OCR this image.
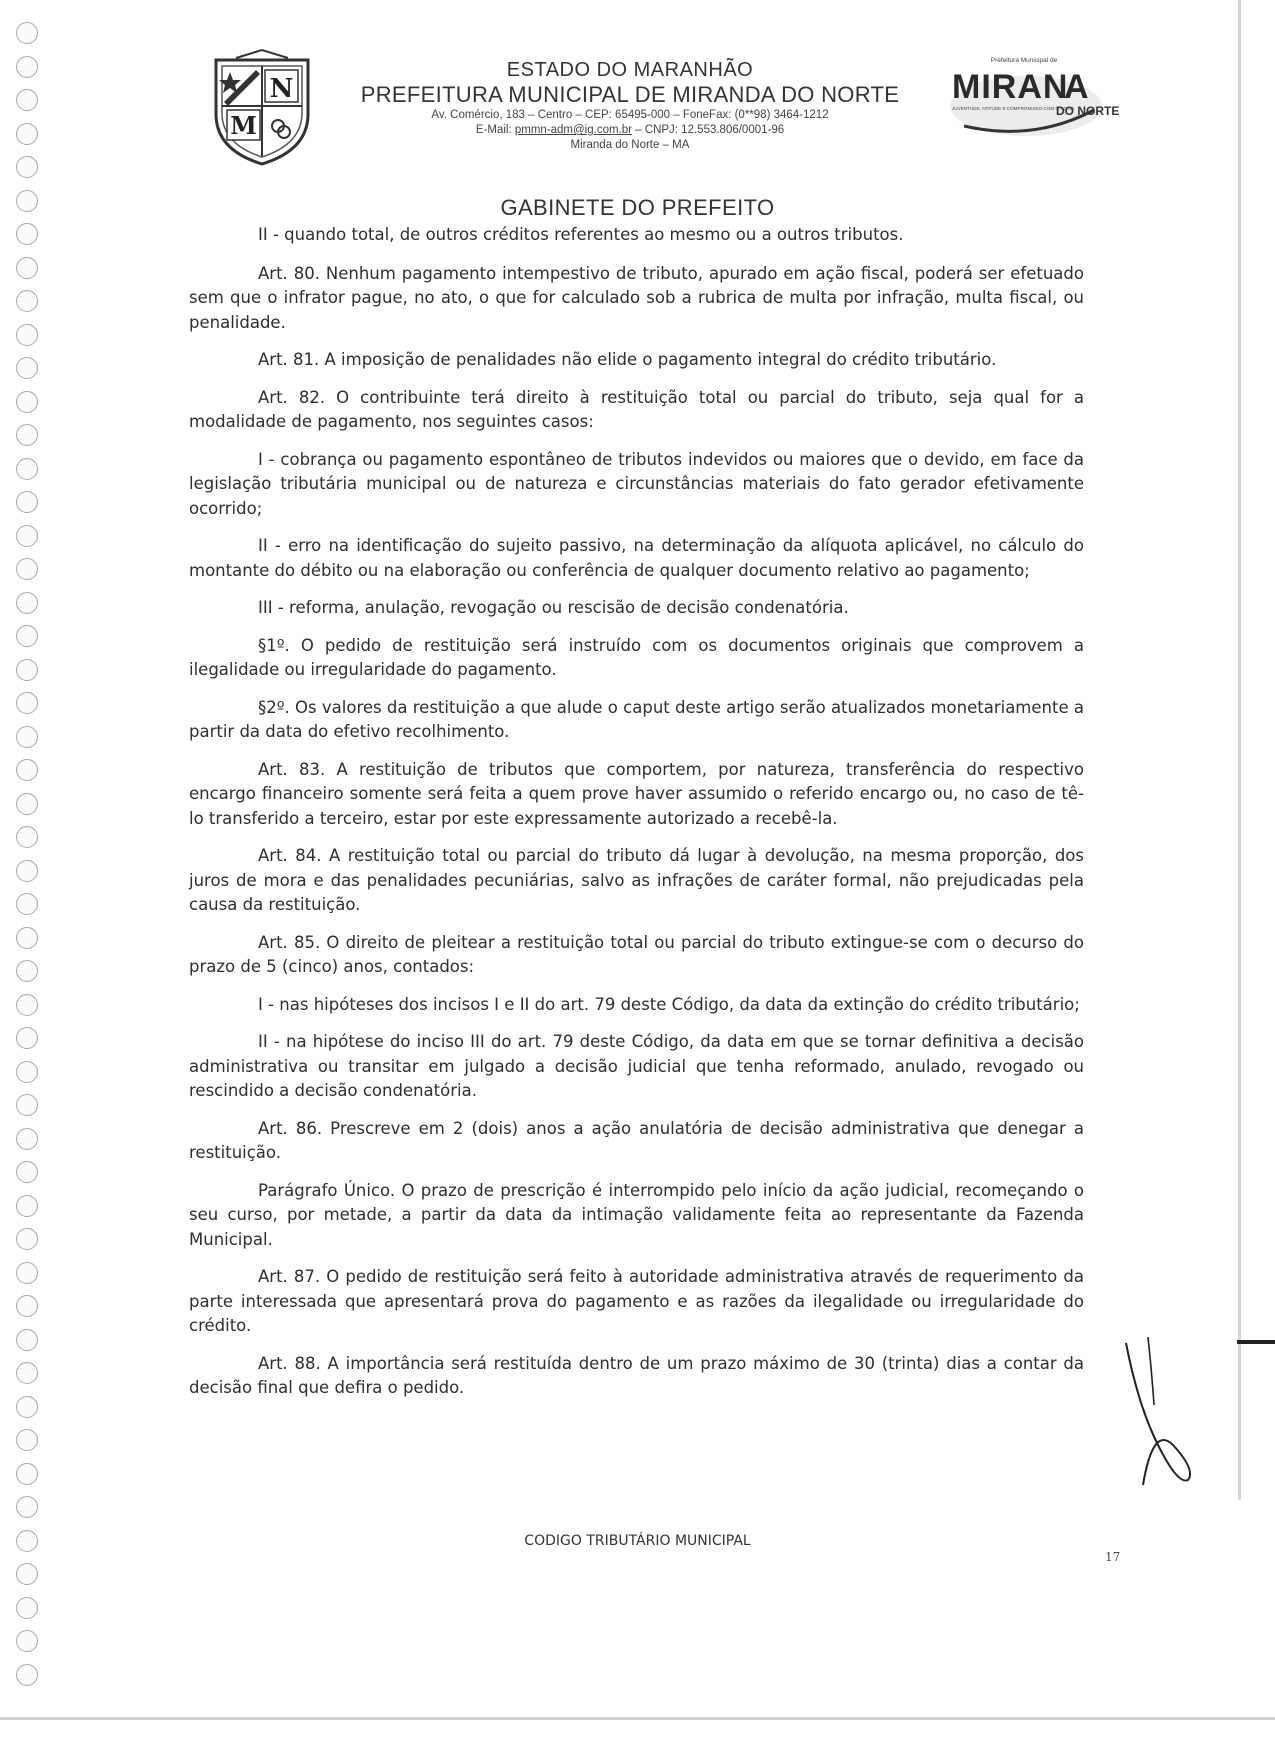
N
M
ESTADO DO MARANHÃO
PREFEITURA MUNICIPAL DE MIRANDA DO NORTE
Av. Comércio, 183 – Centro – CEP: 65495-000 – FoneFax: (0**98) 3464-1212
E-Mail: pmmn-adm@ig.com.br – CNPJ: 12.553.806/0001-96
Miranda do Norte – MA
Prefeitura Municipal de
MIRAN
A
DO NORTE
JUVENTUDE, ATITUDE E COMPROMISSO COM O POVO.
GABINETE DO PREFEITO

II - quando total, de outros créditos referentes ao mesmo ou a outros tributos.

Art. 80. Nenhum pagamento intempestivo de tributo, apurado em ação fiscal, poderá ser efetuado sem que o infrator pague, no ato, o que for calculado sob a rubrica de multa por infração, multa fiscal, ou penalidade.

Art. 81. A imposição de penalidades não elide o pagamento integral do crédito tributário.

Art. 82. O contribuinte terá direito à restituição total ou parcial do tributo, seja qual for a modalidade de pagamento, nos seguintes casos:

I - cobrança ou pagamento espontâneo de tributos indevidos ou maiores que o devido, em face da legislação tributária municipal ou de natureza e circunstâncias materiais do fato gerador efetivamente ocorrido;

II - erro na identificação do sujeito passivo, na determinação da alíquota aplicável, no cálculo do montante do débito ou na elaboração ou conferência de qualquer documento relativo ao pagamento;

III - reforma, anulação, revogação ou rescisão de decisão condenatória.

§1º. O pedido de restituição será instruído com os documentos originais que comprovem a ilegalidade ou irregularidade do pagamento.

§2º. Os valores da restituição a que alude o caput deste artigo serão atualizados monetariamente a partir da data do efetivo recolhimento.

Art. 83. A restituição de tributos que comportem, por natureza, transferência do respectivo encargo financeiro somente será feita a quem prove haver assumido o referido encargo ou, no caso de tê-lo transferido a terceiro, estar por este expressamente autorizado a recebê-la.

Art. 84. A restituição total ou parcial do tributo dá lugar à devolução, na mesma proporção, dos juros de mora e das penalidades pecuniárias, salvo as infrações de caráter formal, não prejudicadas pela causa da restituição.

Art. 85. O direito de pleitear a restituição total ou parcial do tributo extingue-se com o decurso do prazo de 5 (cinco) anos, contados:

I - nas hipóteses dos incisos I e II do art. 79 deste Código, da data da extinção do crédito tributário;

II - na hipótese do inciso III do art. 79 deste Código, da data em que se tornar definitiva a decisão administrativa ou transitar em julgado a decisão judicial que tenha reformado, anulado, revogado ou rescindido a decisão condenatória.

Art. 86. Prescreve em 2 (dois) anos a ação anulatória de decisão administrativa que denegar a restituição.

Parágrafo Único. O prazo de prescrição é interrompido pelo início da ação judicial, recomeçando o seu curso, por metade, a partir da data da intimação validamente feita ao representante da Fazenda Municipal.

Art. 87. O pedido de restituição será feito à autoridade administrativa através de requerimento da parte interessada que apresentará prova do pagamento e as razões da ilegalidade ou irregularidade do crédito.

Art. 88. A importância será restituída dentro de um prazo máximo de 30 (trinta) dias a contar da decisão final que defira o pedido.

CODIGO TRIBUTÁRIO MUNICIPAL
17
